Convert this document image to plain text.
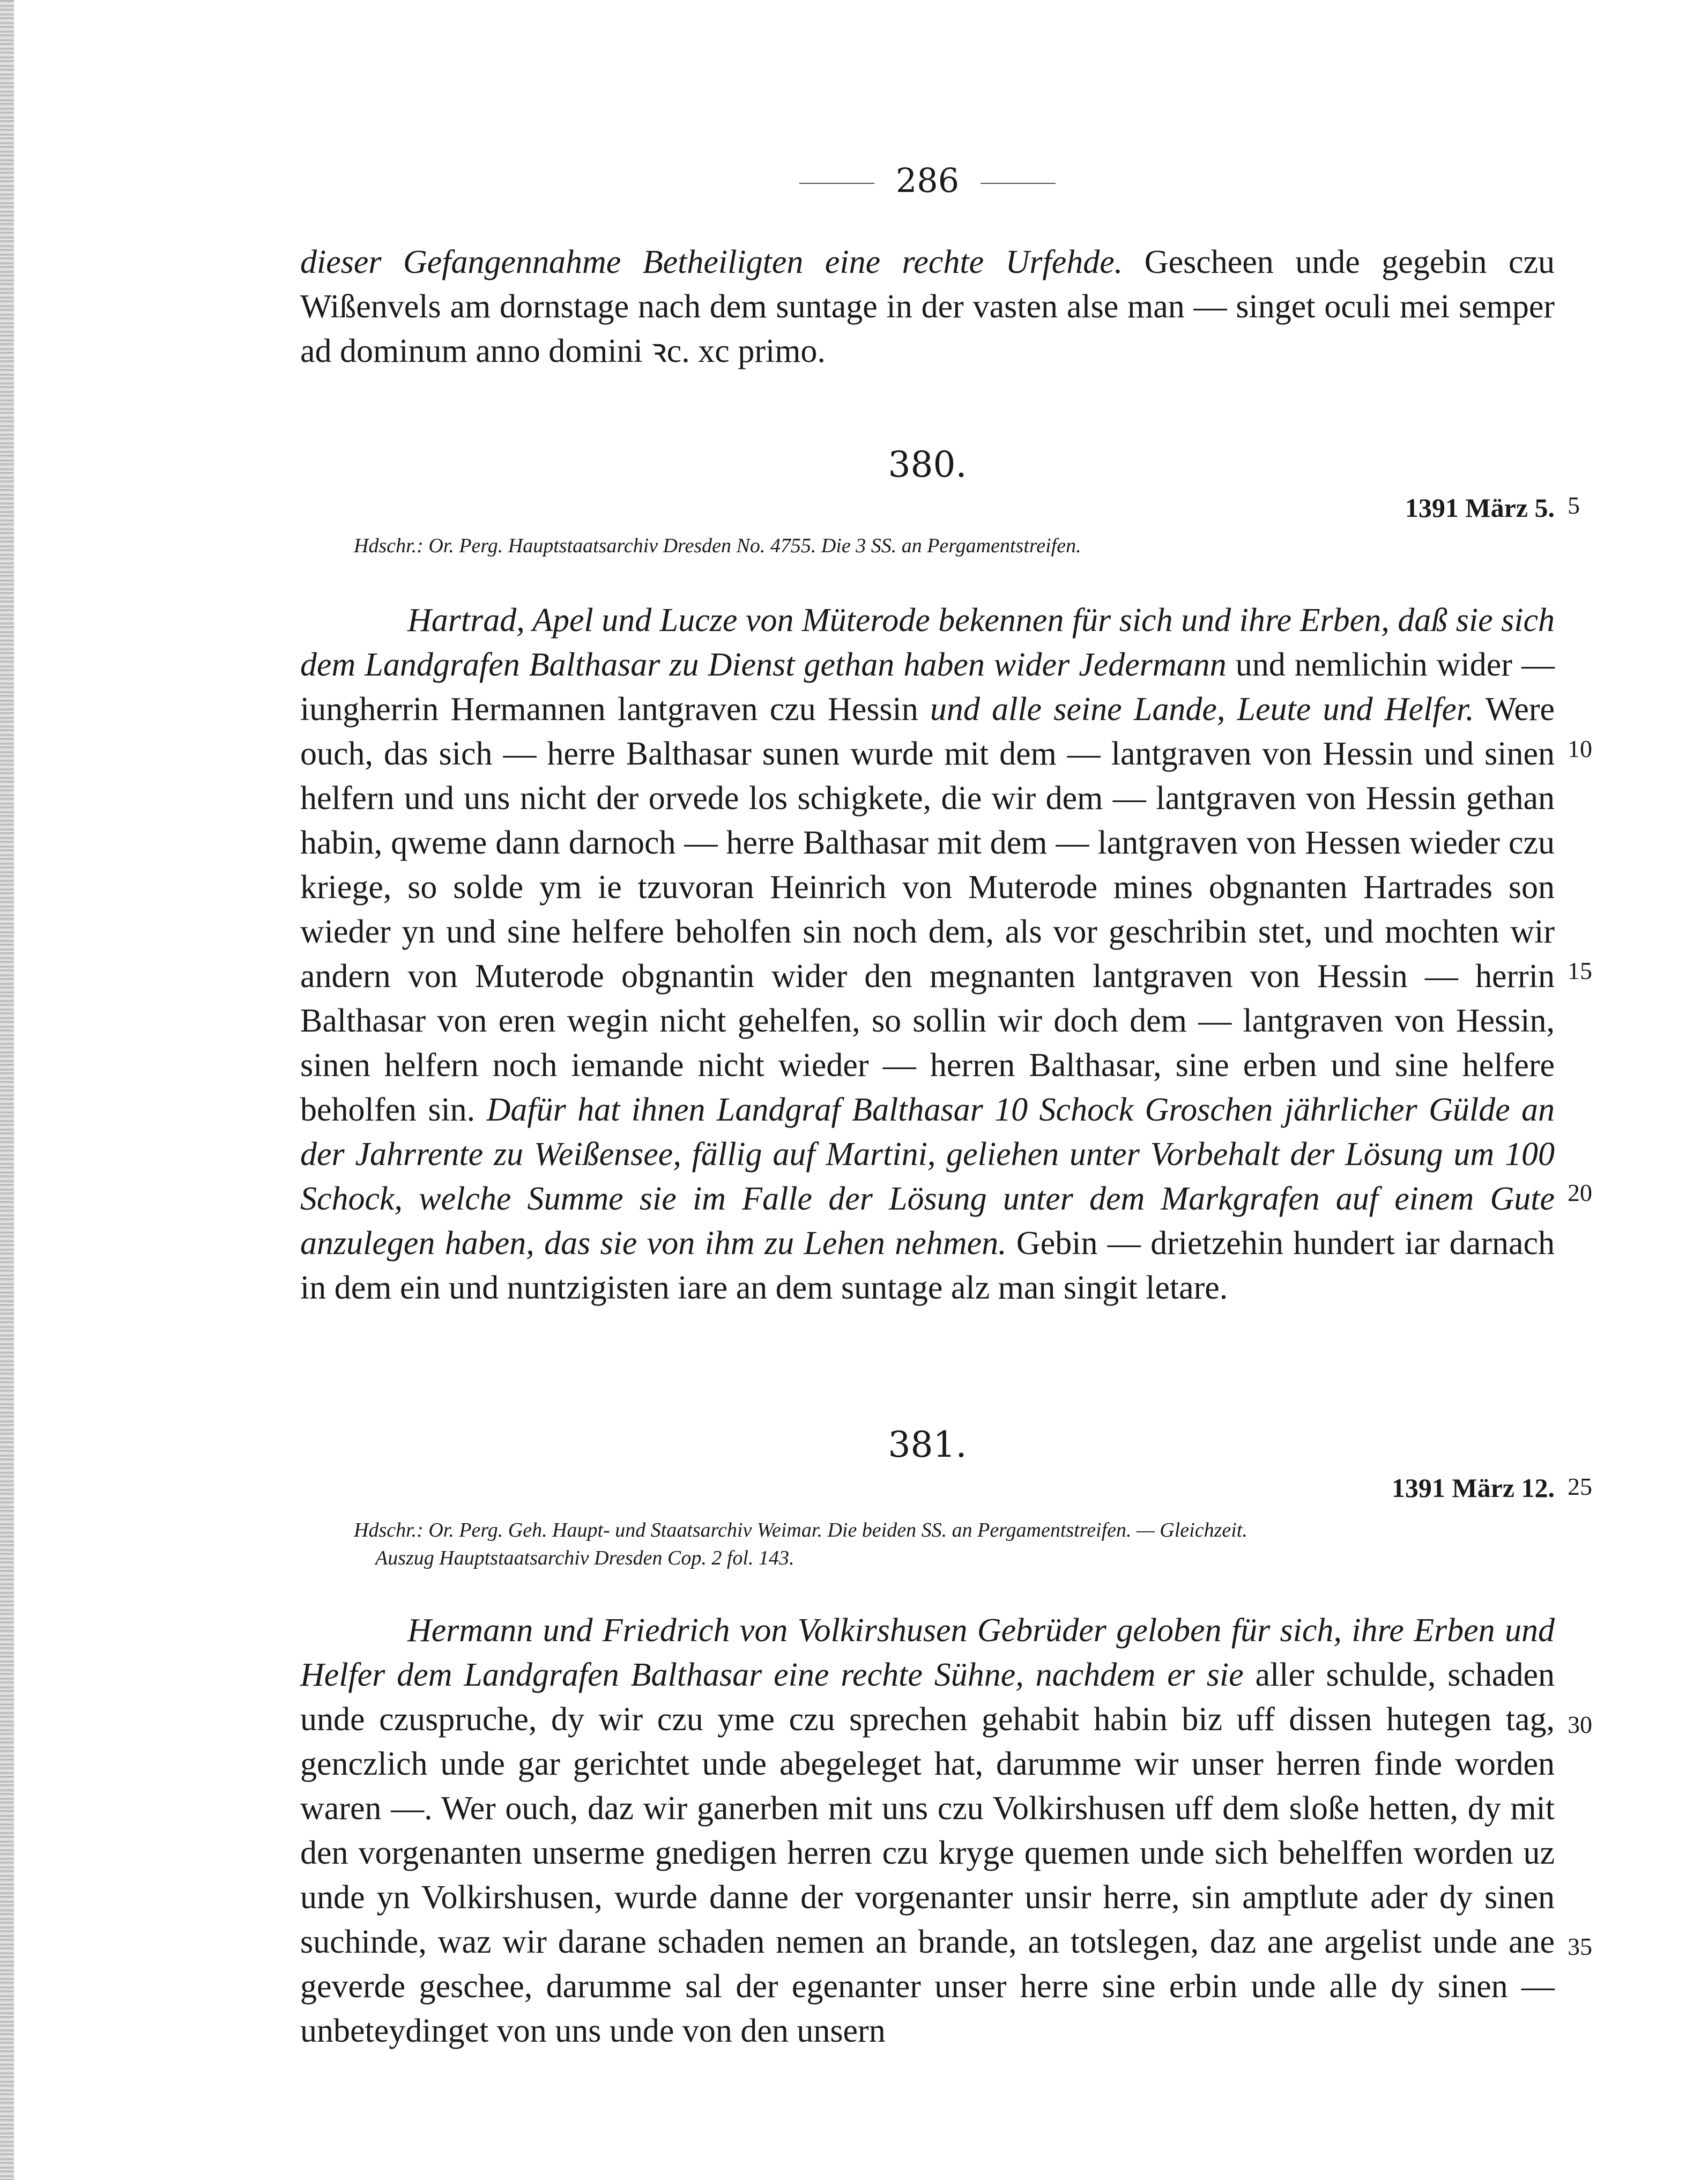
286

dieser Gefangennahme Betheiligten eine rechte Urfehde. Gescheen unde gegebin czu Wißenvels am dornstage nach dem suntage in der vasten alse man — singet oculi mei semper ad dominum anno domini ꝛc. xc primo.

380.

1391 März 5.

Hdschr.: Or. Perg. Hauptstaatsarchiv Dresden No. 4755. Die 3 SS. an Pergamentstreifen.

Hartrad, Apel und Lucze von Müterode bekennen für sich und ihre Erben, daß sie sich dem Landgrafen Balthasar zu Dienst gethan haben wider Jedermann und nemlichin wider — iungherrin Hermannen lantgraven czu Hessin und alle seine Lande, Leute und Helfer. Were ouch, das sich — herre Balthasar sunen wurde mit dem — lantgraven von Hessin und sinen helfern und uns nicht der orvede los schigkete, die wir dem — lantgraven von Hessin gethan habin, qweme dann darnoch — herre Balthasar mit dem — lantgraven von Hessen wieder czu kriege, so solde ym ie tzuvoran Heinrich von Muterode mines obgnanten Hartrades son wieder yn und sine helfere beholfen sin noch dem, als vor geschribin stet, und mochten wir andern von Muterode obgnantin wider den megnanten lantgraven von Hessin — herrin Balthasar von eren wegin nicht gehelfen, so sollin wir doch dem — lantgraven von Hessin, sinen helfern noch iemande nicht wieder — herren Balthasar, sine erben und sine helfere beholfen sin. Dafür hat ihnen Landgraf Balthasar 10 Schock Groschen jährlicher Gülde an der Jahrrente zu Weißensee, fällig auf Martini, geliehen unter Vorbehalt der Lösung um 100 Schock, welche Summe sie im Falle der Lösung unter dem Markgrafen auf einem Gute anzulegen haben, das sie von ihm zu Lehen nehmen. Gebin — drietzehin hundert iar darnach in dem ein und nuntzigisten iare an dem suntage alz man singit letare.

381.

1391 März 12.

Hdschr.: Or. Perg. Geh. Haupt- und Staatsarchiv Weimar. Die beiden SS. an Pergamentstreifen. — Gleichzeit.

Auszug Hauptstaatsarchiv Dresden Cop. 2 fol. 143.

Hermann und Friedrich von Volkirshusen Gebrüder geloben für sich, ihre Erben und Helfer dem Landgrafen Balthasar eine rechte Sühne, nachdem er sie aller schulde, schaden unde czuspruche, dy wir czu yme czu sprechen gehabit habin biz uff dissen hutegen tag, genczlich unde gar gerichtet unde abegeleget hat, darumme wir unser herren finde worden waren —. Wer ouch, daz wir ganerben mit uns czu Volkirshusen uff dem sloße hetten, dy mit den vorgenanten unserme gnedigen herren czu kryge quemen unde sich behelffen worden uz unde yn Volkirshusen, wurde danne der vorgenanter unsir herre, sin amptlute ader dy sinen suchinde, waz wir darane schaden nemen an brande, an totslegen, daz ane argelist unde ane geverde geschee, darumme sal der egenanter unser herre sine erbin unde alle dy sinen — unbeteydinget von uns unde von den unsern

5
10
15
20
25
30
35
